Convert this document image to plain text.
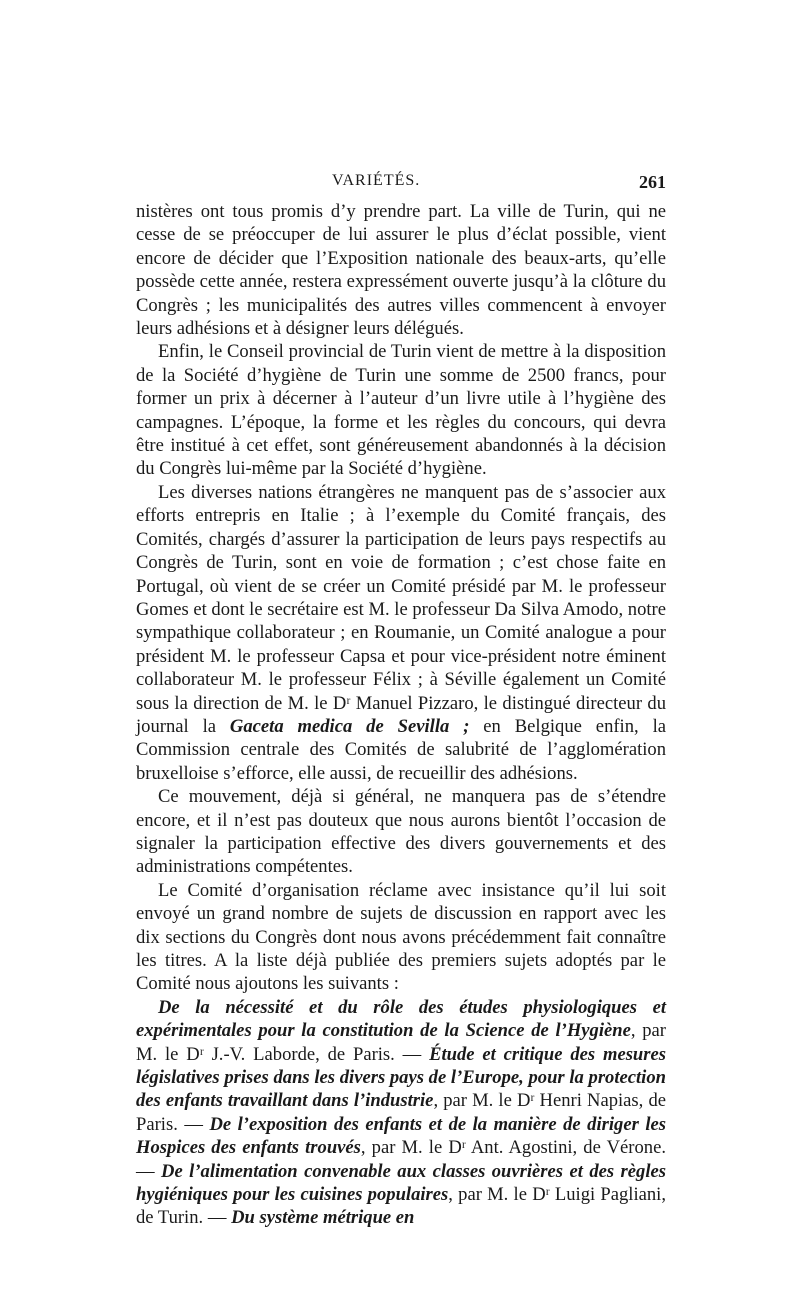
VARIÉTÉS.	261

nistères ont tous promis d’y prendre part. La ville de Turin, qui ne cesse de se préoccuper de lui assurer le plus d’éclat possible, vient encore de décider que l’Exposition nationale des beaux-arts, qu’elle possède cette année, restera expressément ouverte jusqu’à la clôture du Congrès ; les municipalités des autres villes commencent à envoyer leurs adhésions et à désigner leurs délégués.

Enfin, le Conseil provincial de Turin vient de mettre à la disposition de la Société d’hygiène de Turin une somme de 2500 francs, pour former un prix à décerner à l’auteur d’un livre utile à l’hygiène des campagnes. L’époque, la forme et les règles du concours, qui devra être institué à cet effet, sont généreusement abandonnés à la décision du Congrès lui-même par la Société d’hygiène.

Les diverses nations étrangères ne manquent pas de s’associer aux efforts entrepris en Italie ; à l’exemple du Comité français, des Comités, chargés d’assurer la participation de leurs pays respectifs au Congrès de Turin, sont en voie de formation ; c’est chose faite en Portugal, où vient de se créer un Comité présidé par M. le professeur Gomes et dont le secrétaire est M. le professeur Da Silva Amodo, notre sympathique collaborateur ; en Roumanie, un Comité analogue a pour président M. le professeur Capsa et pour vice-président notre éminent collaborateur M. le professeur Félix ; à Séville également un Comité sous la direction de M. le Dʳ Manuel Pizzaro, le distingué directeur du journal la Gaceta medica de Sevilla ; en Belgique enfin, la Commission centrale des Comités de salubrité de l’agglomération bruxelloise s’efforce, elle aussi, de recueillir des adhésions.

Ce mouvement, déjà si général, ne manquera pas de s’étendre encore, et il n’est pas douteux que nous aurons bientôt l’occasion de signaler la participation effective des divers gouvernements et des administrations compétentes.

Le Comité d’organisation réclame avec insistance qu’il lui soit envoyé un grand nombre de sujets de discussion en rapport avec les dix sections du Congrès dont nous avons précédemment fait connaître les titres. A la liste déjà publiée des premiers sujets adoptés par le Comité nous ajoutons les suivants :

De la nécessité et du rôle des études physiologiques et expérimentales pour la constitution de la Science de l’Hygiène, par M. le Dʳ J.-V. Laborde, de Paris. — Étude et critique des mesures législatives prises dans les divers pays de l’Europe, pour la protection des enfants travaillant dans l’industrie, par M. le Dʳ Henri Napias, de Paris. — De l’exposition des enfants et de la manière de diriger les Hospices des enfants trouvés, par M. le Dʳ Ant. Agostini, de Vérone. — De l’alimentation convenable aux classes ouvrières et des règles hygiéniques pour les cuisines populaires, par M. le Dʳ Luigi Pagliani, de Turin. — Du système métrique en
